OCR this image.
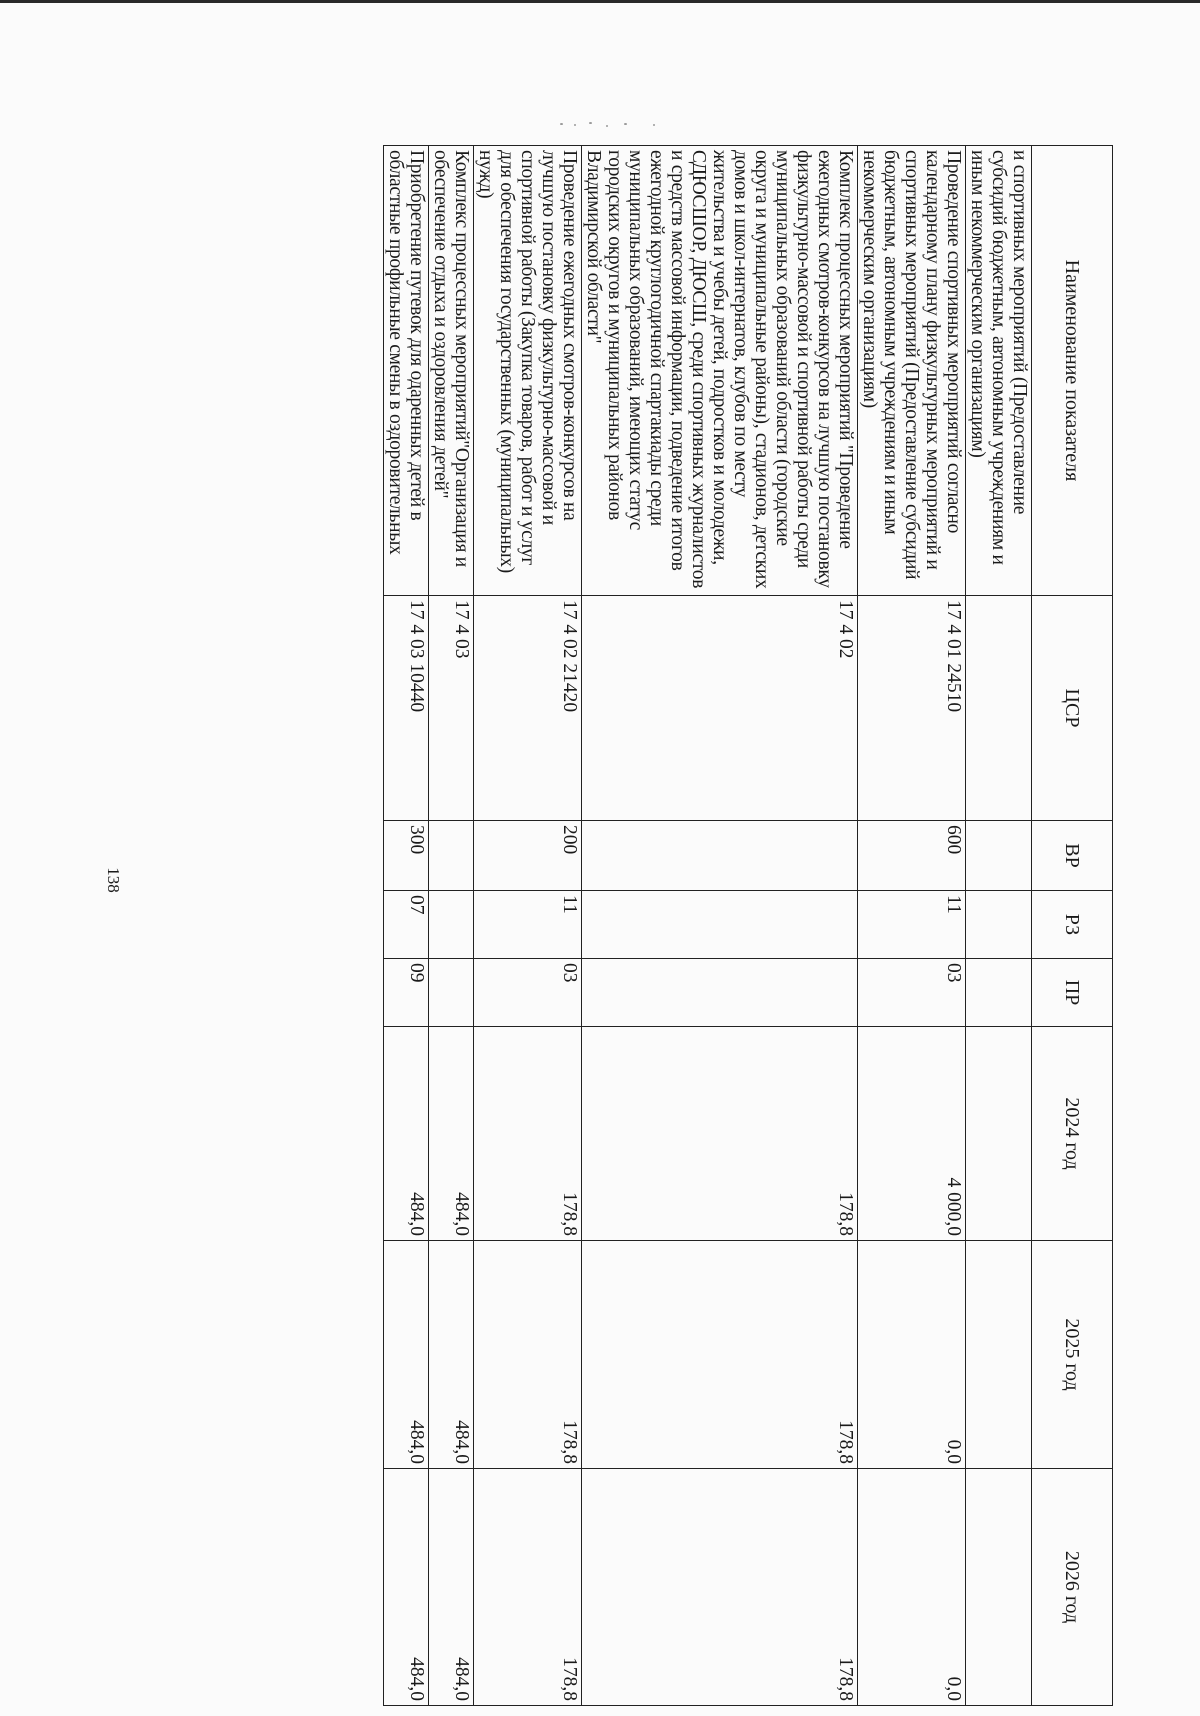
138
Наименование показателя	ЦСР	ВР	РЗ	ПР	2024 год	2025 год	2026 год
и спортивных мероприятий (Предоставление субсидий бюджетным, автономным учреждениям и иным некоммерческим организациям)							
Проведение спортивных мероприятий согласно календарному плану физкультурных мероприятий и спортивных мероприятий (Предоставление субсидий бюджетным, автономным учреждениям и иным некоммерческим организациям)	17 4 01 24510	600	11	03	4 000,0	0,0	0,0
Комплекс процессных мероприятий "Проведение ежегодных смотров-конкурсов на лучшую постановку физкультурно-массовой и спортивной работы среди муниципальных образований области (городские округа и муниципальные районы), стадионов, детских домов и школ-интернатов, клубов по месту жительства и учебы детей, подростков и молодежи, СДЮСШОР, ДЮСШ, среди спортивных журналистов и средств массовой информации, подведение итогов ежегодной круглогодичной спартакиады среди муниципальных образований, имеющих статус городских округов и муниципальных районов Владимирской области"	17 4 02				178,8	178,8	178,8
Проведение ежегодных смотров-конкурсов на лучшую постановку физкультурно-массовой и спортивной работы (Закупка товаров, работ и услуг для обеспечения государственных (муниципальных) нужд)	17 4 02 21420	200	11	03	178,8	178,8	178,8
Комплекс процессных мероприятий"Организация и обеспечение отдыха и оздоровления детей"	17 4 03				484,0	484,0	484,0
Приобретение путевок для одаренных детей в областные профильные смены в оздоровительных	17 4 03 10440	300	07	09	484,0	484,0	484,0
